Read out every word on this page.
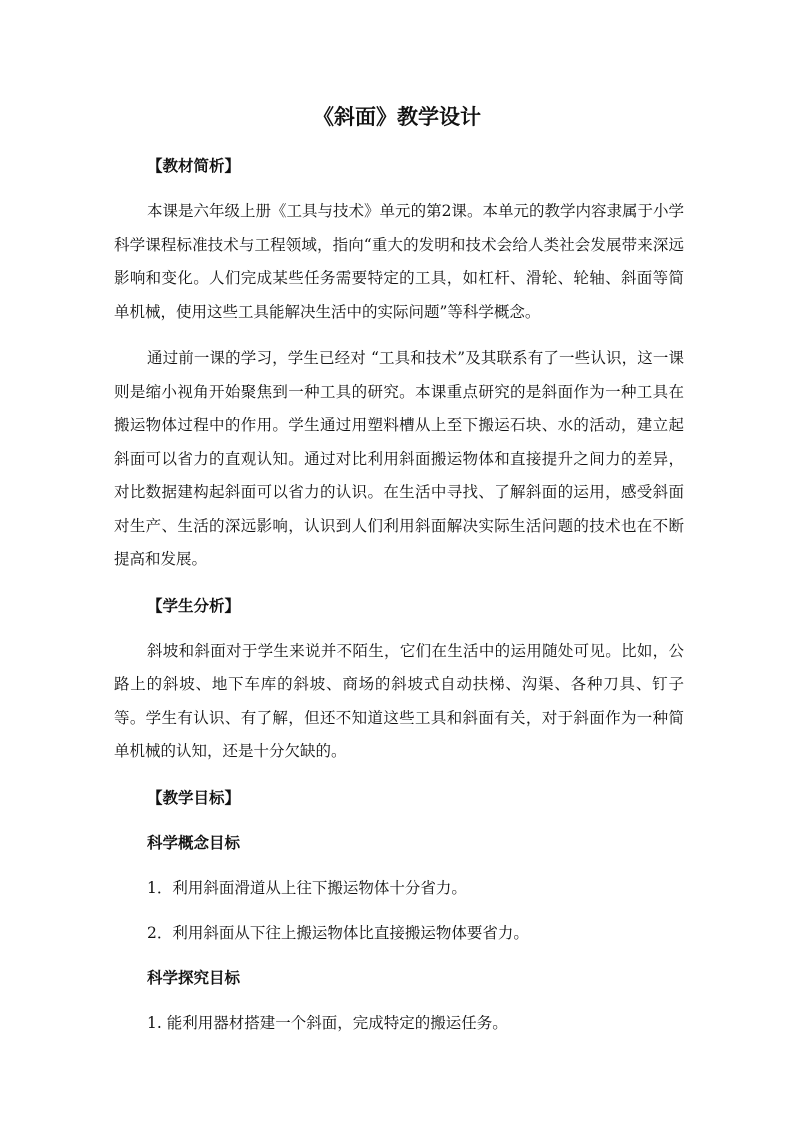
《斜面》教学设计
【教材简析】

本课是六年级上册《工具与技术》单元的第2课。本单元的教学内容隶属于小学科学课程标准技术与工程领域，指向“重大的发明和技术会给人类社会发展带来深远影响和变化。人们完成某些任务需要特定的工具，如杠杆、滑轮、轮轴、斜面等简单机械，使用这些工具能解决生活中的实际问题”等科学概念。

通过前一课的学习，学生已经对 “工具和技术”及其联系有了一些认识，这一课则是缩小视角开始聚焦到一种工具的研究。本课重点研究的是斜面作为一种工具在搬运物体过程中的作用。学生通过用塑料槽从上至下搬运石块、水的活动，建立起斜面可以省力的直观认知。通过对比利用斜面搬运物体和直接提升之间力的差异，对比数据建构起斜面可以省力的认识。在生活中寻找、了解斜面的运用，感受斜面对生产、生活的深远影响，认识到人们利用斜面解决实际生活问题的技术也在不断提高和发展。

【学生分析】

斜坡和斜面对于学生来说并不陌生，它们在生活中的运用随处可见。比如，公路上的斜坡、地下车库的斜坡、商场的斜坡式自动扶梯、沟渠、各种刀具、钉子等。学生有认识、有了解，但还不知道这些工具和斜面有关，对于斜面作为一种简单机械的认知，还是十分欠缺的。

【教学目标】
科学概念目标
1．利用斜面滑道从上往下搬运物体十分省力。
2．利用斜面从下往上搬运物体比直接搬运物体要省力。
科学探究目标
1. 能利用器材搭建一个斜面，完成特定的搬运任务。
